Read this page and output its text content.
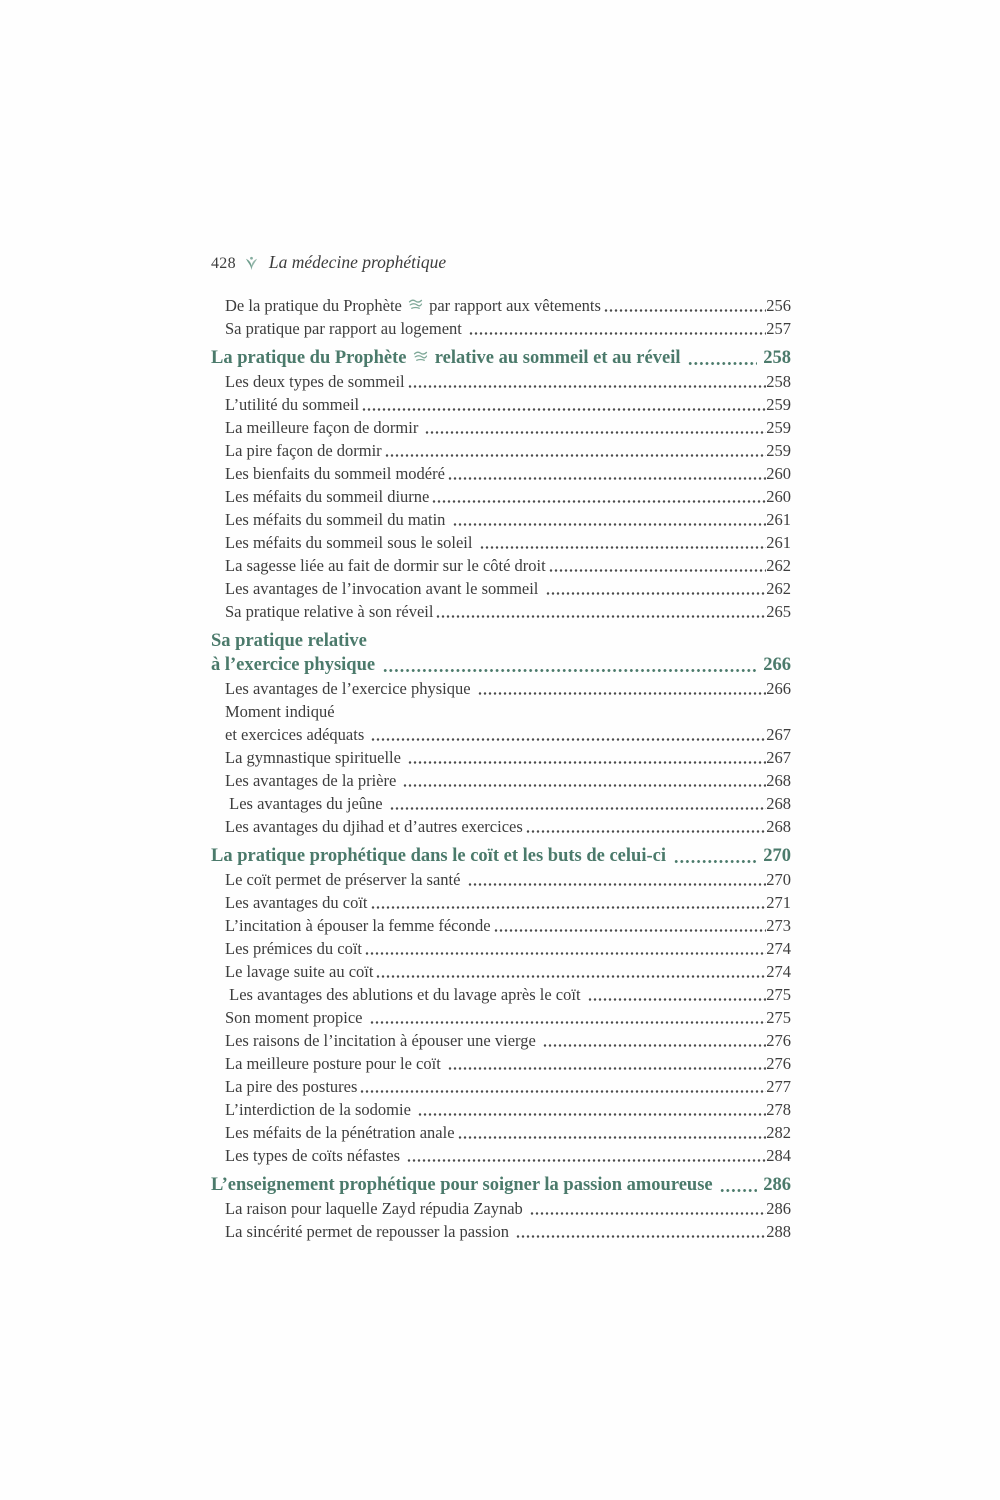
428 La médecine prophétique
De la pratique du Prophète  par rapport aux vêtements	256
Sa pratique par rapport au logement	257
La pratique du Prophète  relative au sommeil et au réveil	258
Les deux types de sommeil	258
L’utilité du sommeil	259
La meilleure façon de dormir	259
La pire façon de dormir	259
Les bienfaits du sommeil modéré	260
Les méfaits du sommeil diurne	260
Les méfaits du sommeil du matin	261
Les méfaits du sommeil sous le soleil	261
La sagesse liée au fait de dormir sur le côté droit	262
Les avantages de l’invocation avant le sommeil	262
Sa pratique relative à son réveil	265
Sa pratique relative
à l’exercice physique	266
Les avantages de l’exercice physique	266
Moment indiqué
et exercices adéquats	267
La gymnastique spirituelle	267
Les avantages de la prière	268
Les avantages du jeûne	268
Les avantages du djihad et d’autres exercices	268
La pratique prophétique dans le coït et les buts de celui-ci	270
Le coït permet de préserver la santé	270
Les avantages du coït	271
L’incitation à épouser la femme féconde	273
Les prémices du coït	274
Le lavage suite au coït	274
Les avantages des ablutions et du lavage après le coït	275
Son moment propice	275
Les raisons de l’incitation à épouser une vierge	276
La meilleure posture pour le coït	276
La pire des postures	277
L’interdiction de la sodomie	278
Les méfaits de la pénétration anale	282
Les types de coïts néfastes	284
L’enseignement prophétique pour soigner la passion amoureuse 286
La raison pour laquelle Zayd répudia Zaynab	286
La sincérité permet de repousser la passion	288
